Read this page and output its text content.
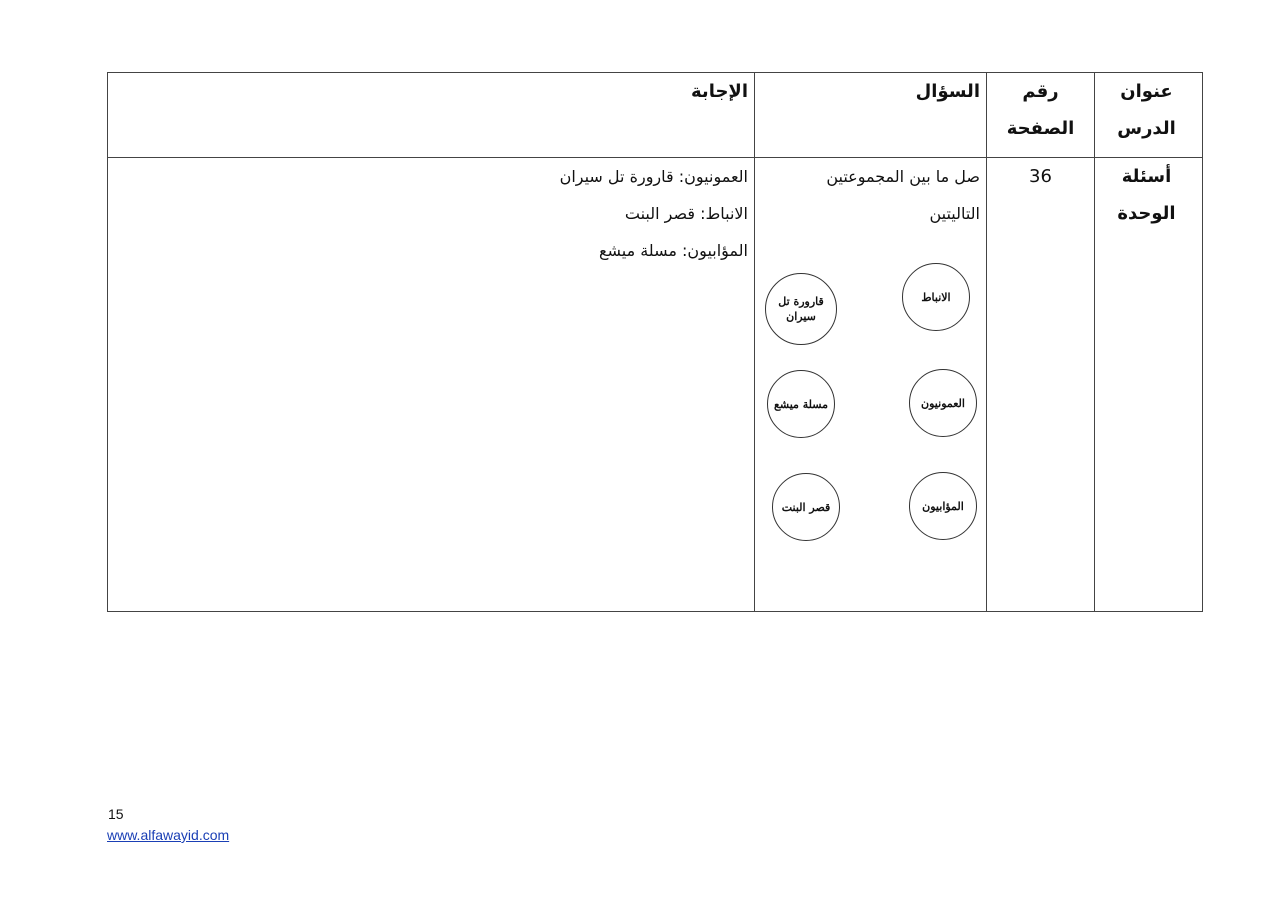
عنوان الدرس
رقم الصفحة
السؤال
الإجابة
أسئلة الوحدة
36
صل ما بين المجموعتين التاليتين
الانباط
العمونيون
المؤابيون
قارورة تل سيران
مسلة ميشع
قصر البنت
العمونيون: قارورة تل سيران
الانباط: قصر البنت
المؤابيون: مسلة ميشع
15
www.alfawayid.com
